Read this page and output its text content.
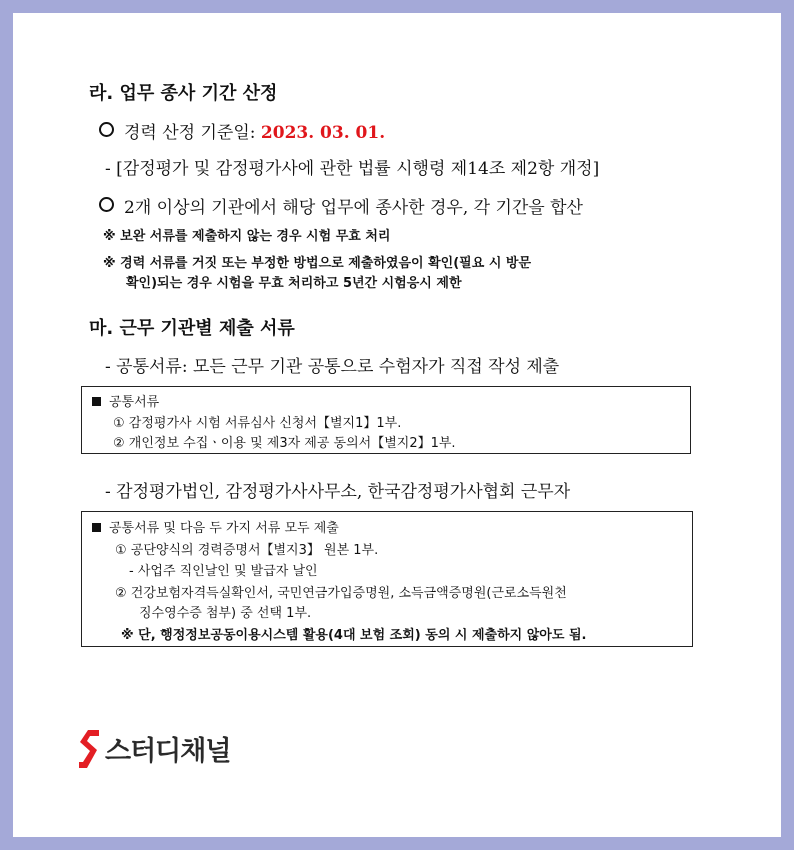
라. 업무 종사 기간 산정
경력 산정 기준일: 2023. 03. 01.
- [감정평가 및 감정평가사에 관한 법률 시행령 제14조 제2항 개정]
2개 이상의 기관에서 해당 업무에 종사한 경우, 각 기간을 합산
※ 보완 서류를 제출하지 않는 경우 시험 무효 처리
※ 경력 서류를 거짓 또는 부정한 방법으로 제출하였음이 확인(필요 시 방문
확인)되는 경우 시험을 무효 처리하고 5년간 시험응시 제한
마. 근무 기관별 제출 서류
- 공통서류: 모든 근무 기관 공통으로 수험자가 직접 작성 제출
공통서류
① 감정평가사 시험 서류심사 신청서【별지1】1부.
② 개인정보 수집ㆍ이용 및 제3자 제공 동의서【별지2】1부.
- 감정평가법인, 감정평가사사무소, 한국감정평가사협회 근무자
공통서류 및 다음 두 가지 서류 모두 제출
① 공단양식의 경력증명서【별지3】 원본 1부.
- 사업주 직인날인 및 발급자 날인
② 건강보험자격득실확인서, 국민연금가입증명원, 소득금액증명원(근로소득원천
징수영수증 첨부) 중 선택 1부.
※ 단, 행정정보공동이용시스템 활용(4대 보험 조회) 동의 시 제출하지 않아도 됨.
스터디채널
